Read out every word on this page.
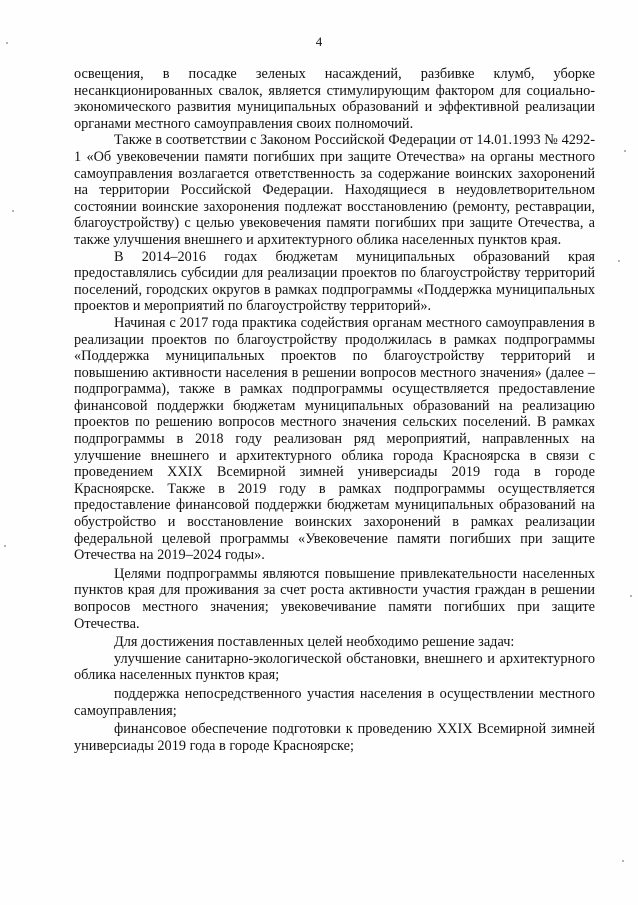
4

освещения, в посадке зеленых насаждений, разбивке клумб, уборке несанкционированных свалок, является стимулирующим фактором для социально-экономического развития муниципальных образований и эффективной реализации органами местного самоуправления своих полномочий.

Также в соответствии с Законом Российской Федерации от 14.01.1993 № 4292-1 «Об увековечении памяти погибших при защите Отечества» на органы местного самоуправления возлагается ответственность за содержание воинских захоронений на территории Российской Федерации. Находящиеся в неудовлетворительном состоянии воинские захоронения подлежат восстановлению (ремонту, реставрации, благоустройству) с целью увековечения памяти погибших при защите Отечества, а также улучшения внешнего и архитектурного облика населенных пунктов края.

В 2014–2016 годах бюджетам муниципальных образований края предоставлялись субсидии для реализации проектов по благоустройству территорий поселений, городских округов в рамках подпрограммы «Поддержка муниципальных проектов и мероприятий по благоустройству территорий».

Начиная с 2017 года практика содействия органам местного самоуправления в реализации проектов по благоустройству продолжилась в рамках подпрограммы «Поддержка муниципальных проектов по благоустройству территорий и повышению активности населения в решении вопросов местного значения» (далее – подпрограмма), также в рамках подпрограммы осуществляется предоставление финансовой поддержки бюджетам муниципальных образований на реализацию проектов по решению вопросов местного значения сельских поселений. В рамках подпрограммы в 2018 году реализован ряд мероприятий, направленных на улучшение внешнего и архитектурного облика города Красноярска в связи с проведением XXIX Всемирной зимней универсиады 2019 года в городе Красноярске. Также в 2019 году в рамках подпрограммы осуществляется предоставление финансовой поддержки бюджетам муниципальных образований на обустройство и восстановление воинских захоронений в рамках реализации федеральной целевой программы «Увековечение памяти погибших при защите Отечества на 2019–2024 годы».

Целями подпрограммы являются повышение привлекательности населенных пунктов края для проживания за счет роста активности участия граждан в решении вопросов местного значения; увековечивание памяти погибших при защите Отечества.

Для достижения поставленных целей необходимо решение задач:

улучшение санитарно-экологической обстановки, внешнего и архитектурного облика населенных пунктов края;

поддержка непосредственного участия населения в осуществлении местного самоуправления;

финансовое обеспечение подготовки к проведению XXIX Всемирной зимней универсиады 2019 года в городе Красноярске;
